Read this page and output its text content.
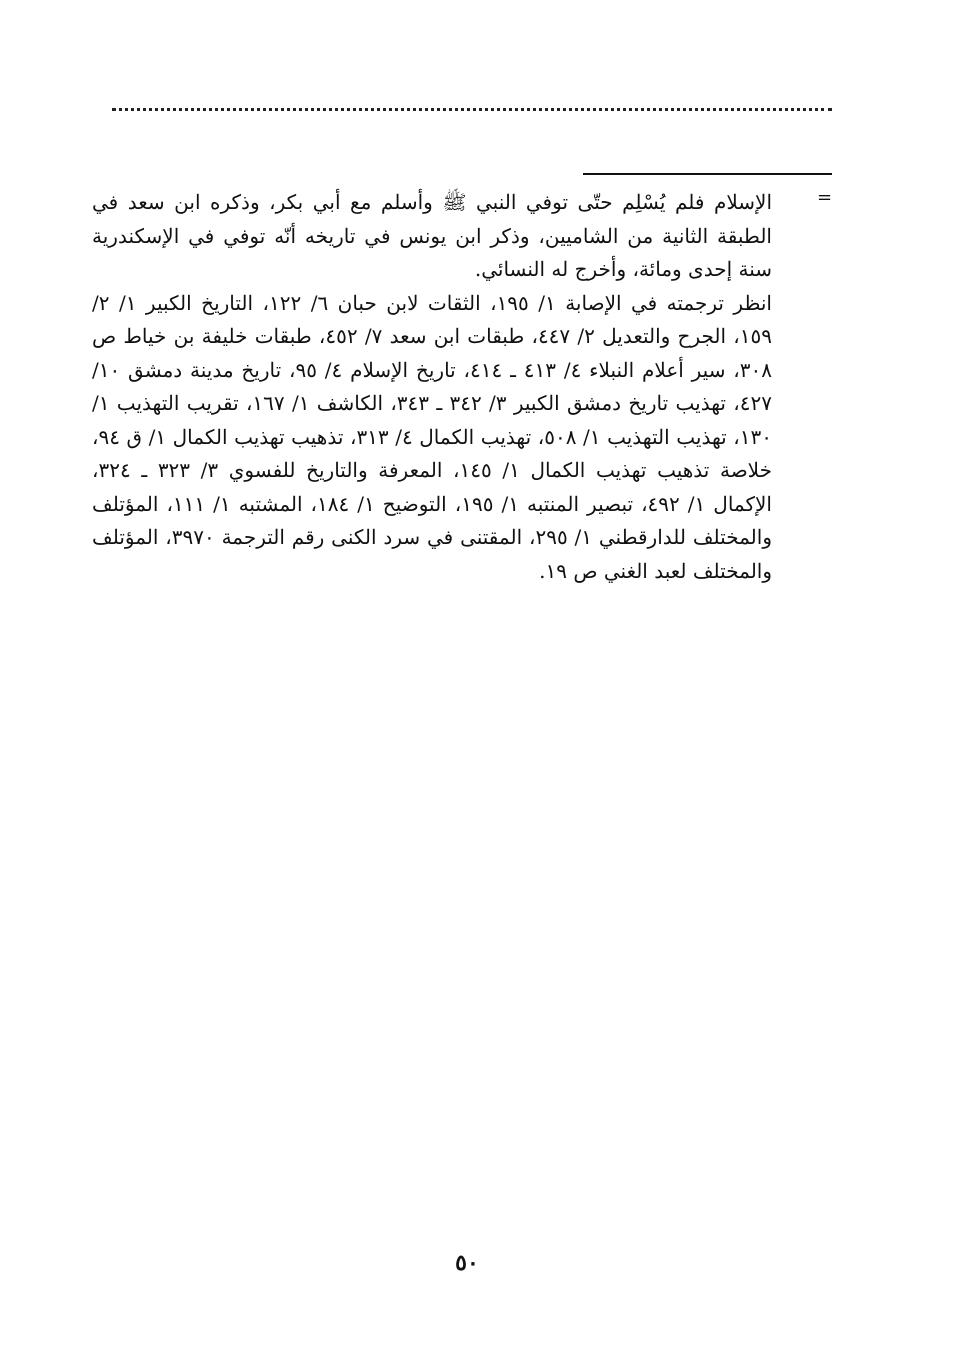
=

الإسلام فلم يُسْلِم حتّى توفي النبي ﷺ وأسلم مع أبي بكر، وذكره ابن سعد في الطبقة الثانية من الشاميين، وذكر ابن يونس في تاريخه أنّه توفي في الإسكندرية سنة إحدى ومائة، وأخرج له النسائي.

انظر ترجمته في الإصابة ١/ ١٩٥، الثقات لابن حبان ٦/ ١٢٢، التاريخ الكبير ١/ ٢/ ١٥٩، الجرح والتعديل ٢/ ٤٤٧، طبقات ابن سعد ٧/ ٤٥٢، طبقات خليفة بن خياط ص ٣٠٨، سير أعلام النبلاء ٤/ ٤١٣ ـ ٤١٤، تاريخ الإسلام ٤/ ٩٥، تاريخ مدينة دمشق ١٠/ ٤٢٧، تهذيب تاريخ دمشق الكبير ٣/ ٣٤٢ ـ ٣٤٣، الكاشف ١/ ١٦٧، تقريب التهذيب ١/ ١٣٠، تهذيب التهذيب ١/ ٥٠٨، تهذيب الكمال ٤/ ٣١٣، تذهيب تهذيب الكمال ١/ ق ٩٤، خلاصة تذهيب تهذيب الكمال ١/ ١٤٥، المعرفة والتاريخ للفسوي ٣/ ٣٢٣ ـ ٣٢٤، الإكمال ١/ ٤٩٢، تبصير المنتبه ١/ ١٩٥، التوضيح ١/ ١٨٤، المشتبه ١/ ١١١، المؤتلف والمختلف للدارقطني ١/ ٢٩٥، المقتنى في سرد الكنى رقم الترجمة ٣٩٧٠، المؤتلف والمختلف لعبد الغني ص ١٩.

٥٠
